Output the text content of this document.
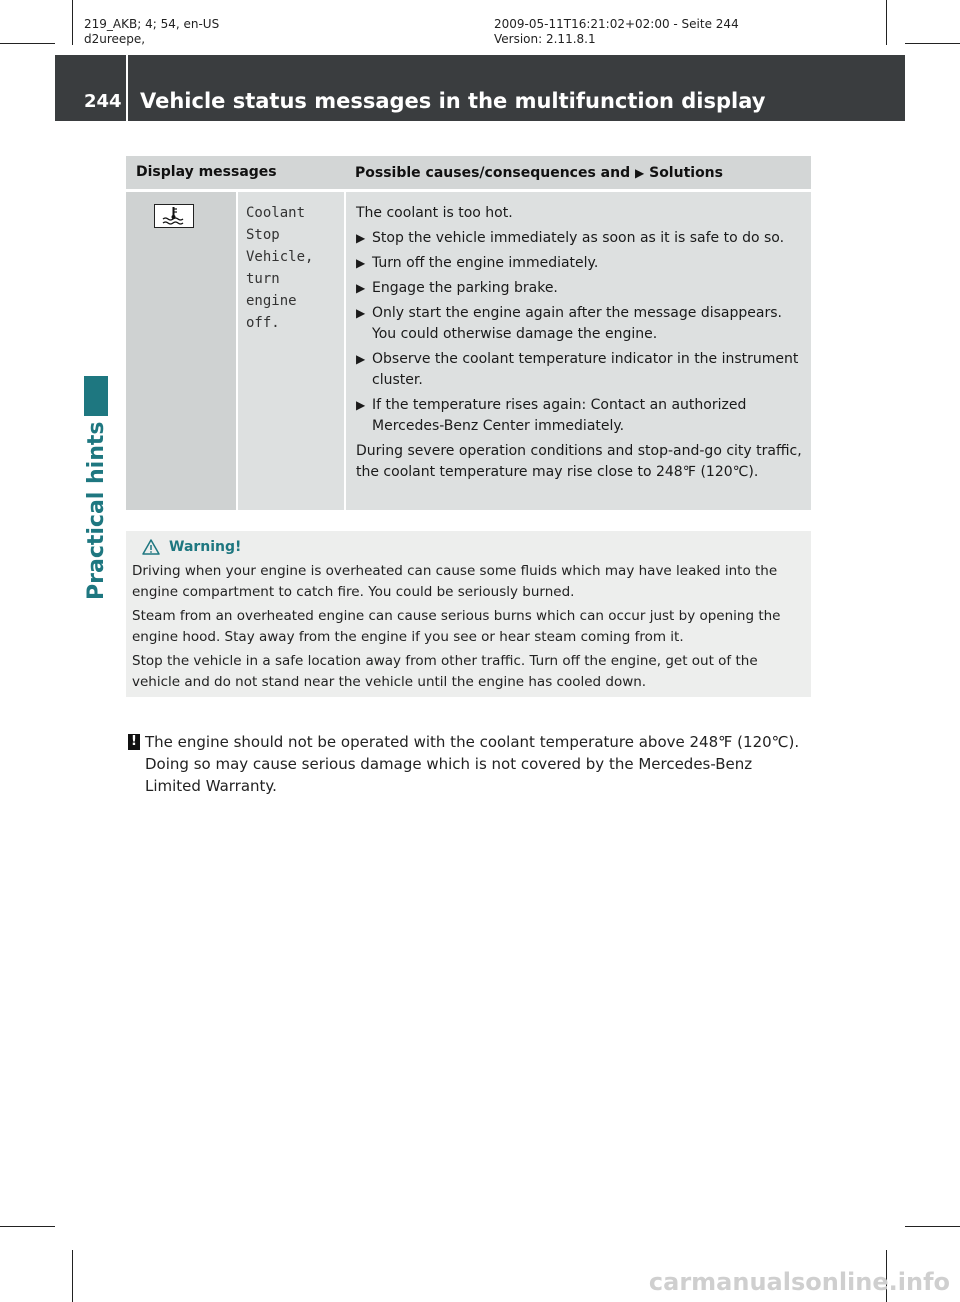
219_AKB; 4; 54, en-US
d2ureepe,
2009-05-11T16:21:02+02:00 - Seite 244
Version: 2.11.8.1
244 Vehicle status messages in the multifunction display
Practical hints
Display messages	Possible causes/consequences and ▶ Solutions
Coolant
Stop
Vehicle,
turn
engine
off.

The coolant is too hot.

▶ Stop the vehicle immediately as soon as it is safe to do so.

▶ Turn off the engine immediately.

▶ Engage the parking brake.

▶ Only start the engine again after the message disappears. You could otherwise damage the engine.

▶ Observe the coolant temperature indicator in the instrument cluster.

▶ If the temperature rises again: Contact an authorized Mercedes-Benz Center immediately.

During severe operation conditions and stop-and-go city traffic, the coolant temperature may rise close to 248℉ (120℃).

Warning!

Driving when your engine is overheated can cause some fluids which may have leaked into the engine compartment to catch fire. You could be seriously burned.

Steam from an overheated engine can cause serious burns which can occur just by opening the engine hood. Stay away from the engine if you see or hear steam coming from it.

Stop the vehicle in a safe location away from other traffic. Turn off the engine, get out of the vehicle and do not stand near the vehicle until the engine has cooled down.

! The engine should not be operated with the coolant temperature above 248℉ (120℃). Doing so may cause serious damage which is not covered by the Mercedes-Benz Limited Warranty.
carmanualsonline.info
